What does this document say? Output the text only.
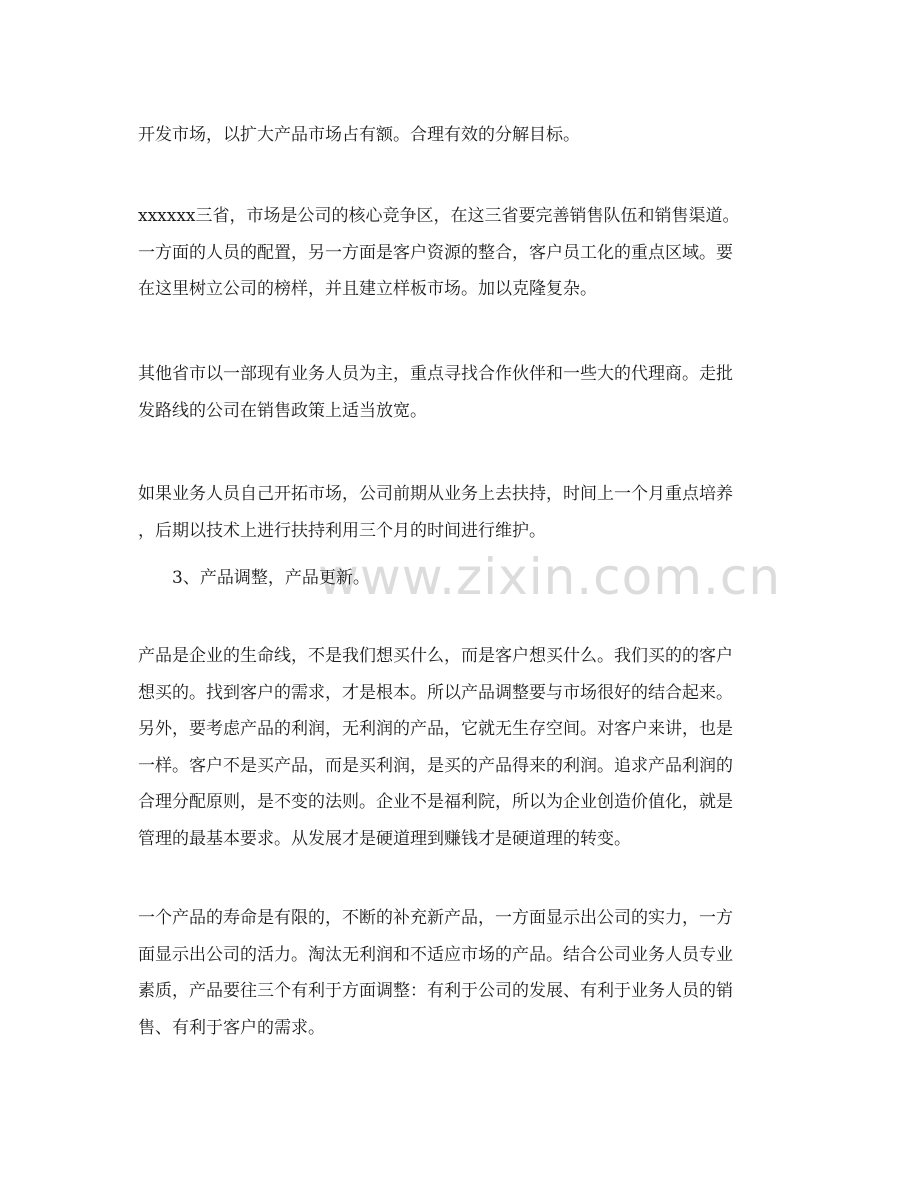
www.zixin.com.cn
开发市场，以扩大产品市场占有额。合理有效的分解目标。
xxxxxx三省，市场是公司的核心竞争区，在这三省要完善销售队伍和销售渠道。
一方面的人员的配置，另一方面是客户资源的整合，客户员工化的重点区域。要
在这里树立公司的榜样，并且建立样板市场。加以克隆复杂。
其他省市以一部现有业务人员为主，重点寻找合作伙伴和一些大的代理商。走批
发路线的公司在销售政策上适当放宽。
如果业务人员自己开拓市场，公司前期从业务上去扶持，时间上一个月重点培养
，后期以技术上进行扶持利用三个月的时间进行维护。
3、产品调整，产品更新。
产品是企业的生命线，不是我们想买什么，而是客户想买什么。我们买的的客户
想买的。找到客户的需求，才是根本。所以产品调整要与市场很好的结合起来。
另外，要考虑产品的利润，无利润的产品，它就无生存空间。对客户来讲，也是
一样。客户不是买产品，而是买利润，是买的产品得来的利润。追求产品利润的
合理分配原则，是不变的法则。企业不是福利院，所以为企业创造价值化，就是
管理的最基本要求。从发展才是硬道理到赚钱才是硬道理的转变。
一个产品的寿命是有限的，不断的补充新产品，一方面显示出公司的实力，一方
面显示出公司的活力。淘汰无利润和不适应市场的产品。结合公司业务人员专业
素质，产品要往三个有利于方面调整：有利于公司的发展、有利于业务人员的销
售、有利于客户的需求。
